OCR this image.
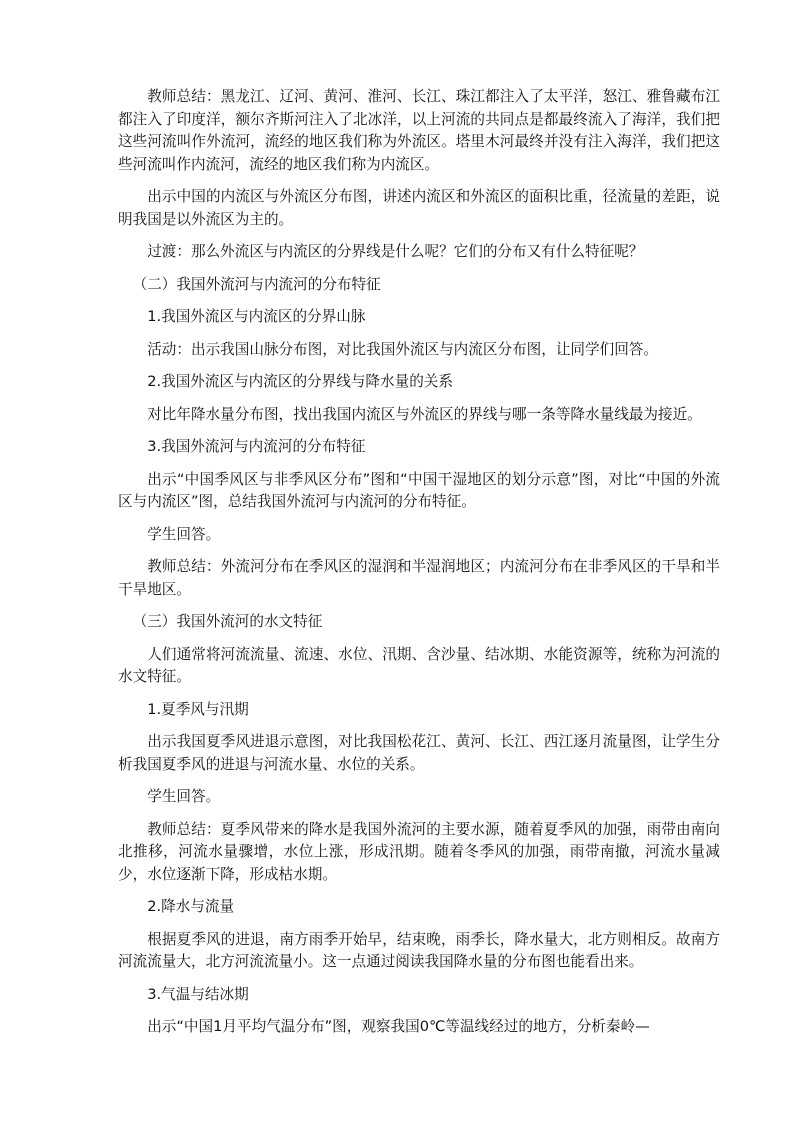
教师总结：黑龙江、辽河、黄河、淮河、长江、珠江都注入了太平洋，怒江、雅鲁藏布江都注入了印度洋，额尔齐斯河注入了北冰洋，以上河流的共同点是都最终流入了海洋，我们把这些河流叫作外流河，流经的地区我们称为外流区。塔里木河最终并没有注入海洋，我们把这些河流叫作内流河，流经的地区我们称为内流区。

出示中国的内流区与外流区分布图，讲述内流区和外流区的面积比重，径流量的差距，说明我国是以外流区为主的。

过渡：那么外流区与内流区的分界线是什么呢？它们的分布又有什么特征呢？

（二）我国外流河与内流河的分布特征

1.我国外流区与内流区的分界山脉

活动：出示我国山脉分布图，对比我国外流区与内流区分布图，让同学们回答。

2.我国外流区与内流区的分界线与降水量的关系

对比年降水量分布图，找出我国内流区与外流区的界线与哪一条等降水量线最为接近。

3.我国外流河与内流河的分布特征

出示“中国季风区与非季风区分布”图和“中国干湿地区的划分示意”图，对比“中国的外流区与内流区”图，总结我国外流河与内流河的分布特征。

学生回答。

教师总结：外流河分布在季风区的湿润和半湿润地区；内流河分布在非季风区的干旱和半干旱地区。

（三）我国外流河的水文特征

人们通常将河流流量、流速、水位、汛期、含沙量、结冰期、水能资源等，统称为河流的水文特征。

1.夏季风与汛期

出示我国夏季风进退示意图，对比我国松花江、黄河、长江、西江逐月流量图，让学生分析我国夏季风的进退与河流水量、水位的关系。

学生回答。

教师总结：夏季风带来的降水是我国外流河的主要水源，随着夏季风的加强，雨带由南向北推移，河流水量骤增，水位上涨，形成汛期。随着冬季风的加强，雨带南撤，河流水量减少，水位逐渐下降，形成枯水期。

2.降水与流量

根据夏季风的进退，南方雨季开始早，结束晚，雨季长，降水量大，北方则相反。故南方河流流量大，北方河流流量小。这一点通过阅读我国降水量的分布图也能看出来。

3.气温与结冰期

出示“中国1月平均气温分布”图，观察我国0℃等温线经过的地方，分析秦岭—
